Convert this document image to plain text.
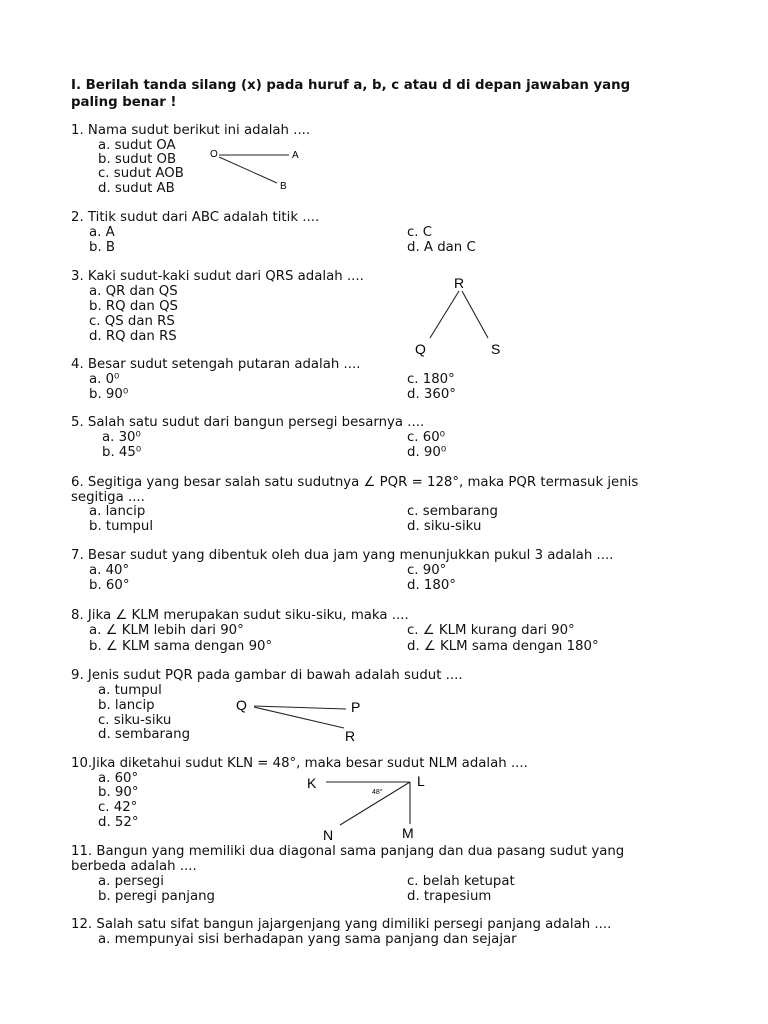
I. Berilah tanda silang (x) pada huruf a, b, c atau d di depan jawaban yang
paling benar !
1. Nama sudut berikut ini adalah ....
a. sudut OA
b. sudut OB
c. sudut AOB
d. sudut AB
O	A
B
2. Titik sudut dari ABC adalah titik ....
a. A
b. B
c. C
d. A dan C
3. Kaki sudut-kaki sudut dari QRS adalah ....
a. QR dan QS
b. RQ dan QS
c. QS dan RS
d. RQ dan RS
R
Q	S
4. Besar sudut setengah putaran adalah ....
a. 0⁰
b. 90⁰
c. 180°
d. 360°
5. Salah satu sudut dari bangun persegi besarnya ....
a. 30⁰
b. 45⁰
c. 60⁰
d. 90⁰
6. Segitiga yang besar salah satu sudutnya ∠ PQR = 128°, maka PQR termasuk jenis
segitiga ....
a. lancip
b. tumpul
c. sembarang
d. siku-siku
7. Besar sudut yang dibentuk oleh dua jam yang menunjukkan pukul 3 adalah ....
a. 40°
b. 60°
c. 90°
d. 180°
8. Jika ∠ KLM merupakan sudut siku-siku, maka ....
a. ∠ KLM lebih dari 90°
b. ∠ KLM sama dengan 90°
c. ∠ KLM kurang dari 90°
d. ∠ KLM sama dengan 180°
9. Jenis sudut PQR pada gambar di bawah adalah sudut ....
a. tumpul
b. lancip
c. siku-siku
d. sembarang
Q	P
R
10.Jika diketahui sudut KLN = 48°, maka besar sudut NLM adalah ....
a. 60°
b. 90°
c. 42°
d. 52°
K	L
48°
N	M
11. Bangun yang memiliki dua diagonal sama panjang dan dua pasang sudut yang
berbeda adalah ....
a. persegi
b. peregi panjang
c. belah ketupat
d. trapesium
12. Salah satu sifat bangun jajargenjang yang dimiliki persegi panjang adalah ....
a. mempunyai sisi berhadapan yang sama panjang dan sejajar
